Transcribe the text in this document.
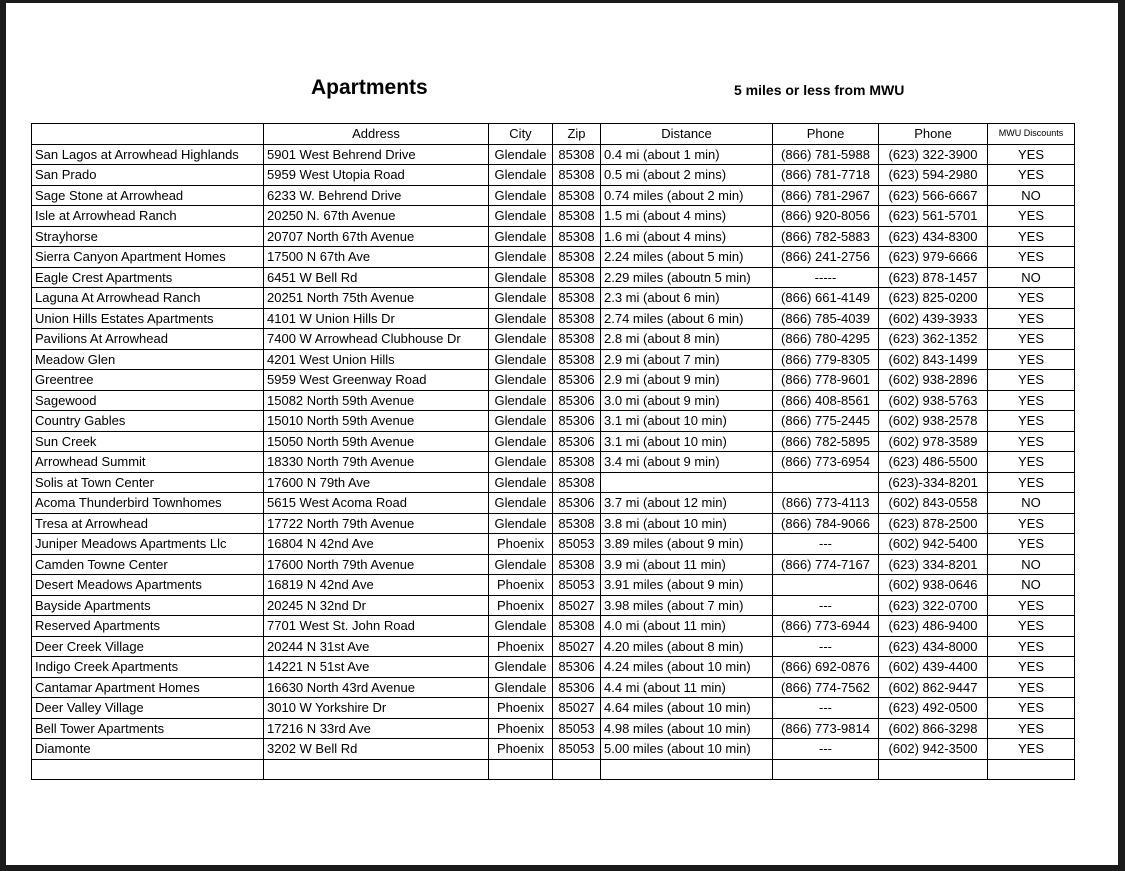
Apartments	5 miles or less from MWU
	Address	City	Zip	Distance	Phone	Phone	MWU Discounts
San Lagos at Arrowhead Highlands	5901 West Behrend Drive	Glendale	85308	0.4 mi (about 1 min)	(866) 781-5988	(623) 322-3900	YES
San Prado	5959 West Utopia Road	Glendale	85308	0.5 mi (about 2 mins)	(866) 781-7718	(623) 594-2980	YES
Sage Stone at Arrowhead	6233 W. Behrend Drive	Glendale	85308	0.74 miles (about 2 min)	(866) 781-2967	(623) 566-6667	NO
Isle at Arrowhead Ranch	20250 N. 67th Avenue	Glendale	85308	1.5 mi (about 4 mins)	(866) 920-8056	(623) 561-5701	YES
Strayhorse	20707 North 67th Avenue	Glendale	85308	1.6 mi (about 4 mins)	(866) 782-5883	(623) 434-8300	YES
Sierra Canyon Apartment Homes	17500 N 67th Ave	Glendale	85308	2.24 miles (about 5 min)	(866) 241-2756	(623) 979-6666	YES
Eagle Crest Apartments	6451 W Bell Rd	Glendale	85308	2.29 miles (aboutn 5 min)	-----	(623) 878-1457	NO
Laguna At Arrowhead Ranch	20251 North 75th Avenue	Glendale	85308	2.3 mi (about 6 min)	(866) 661-4149	(623) 825-0200	YES
Union Hills Estates Apartments	4101 W Union Hills Dr	Glendale	85308	2.74 miles (about 6 min)	(866) 785-4039	(602) 439-3933	YES
Pavilions At Arrowhead	7400 W Arrowhead Clubhouse Dr	Glendale	85308	2.8 mi (about 8 min)	(866) 780-4295	(623) 362-1352	YES
Meadow Glen	4201 West Union Hills	Glendale	85308	2.9 mi (about 7 min)	(866) 779-8305	(602) 843-1499	YES
Greentree	5959 West Greenway Road	Glendale	85306	2.9 mi (about 9 min)	(866) 778-9601	(602) 938-2896	YES
Sagewood	15082 North 59th Avenue	Glendale	85306	3.0 mi (about 9 min)	(866) 408-8561	(602) 938-5763	YES
Country Gables	15010 North 59th Avenue	Glendale	85306	3.1 mi (about 10 min)	(866) 775-2445	(602) 938-2578	YES
Sun Creek	15050 North 59th Avenue	Glendale	85306	3.1 mi (about 10 min)	(866) 782-5895	(602) 978-3589	YES
Arrowhead Summit	18330 North 79th Avenue	Glendale	85308	3.4 mi (about 9 min)	(866) 773-6954	(623) 486-5500	YES
Solis at Town Center	17600 N 79th Ave	Glendale	85308			(623)-334-8201	YES
Acoma Thunderbird Townhomes	5615 West Acoma Road	Glendale	85306	3.7 mi (about 12 min)	(866) 773-4113	(602) 843-0558	NO
Tresa at Arrowhead	17722 North 79th Avenue	Glendale	85308	3.8 mi (about 10 min)	(866) 784-9066	(623) 878-2500	YES
Juniper Meadows Apartments Llc	16804 N 42nd Ave	Phoenix	85053	3.89 miles (about 9 min)	---	(602) 942-5400	YES
Camden Towne Center	17600 North 79th Avenue	Glendale	85308	3.9 mi (about 11 min)	(866) 774-7167	(623) 334-8201	NO
Desert Meadows Apartments	16819 N 42nd Ave	Phoenix	85053	3.91 miles (about 9 min)		(602) 938-0646	NO
Bayside Apartments	20245 N 32nd Dr	Phoenix	85027	3.98 miles (about 7 min)	---	(623) 322-0700	YES
Reserved Apartments	7701 West St. John Road	Glendale	85308	4.0 mi (about 11 min)	(866) 773-6944	(623) 486-9400	YES
Deer Creek Village	20244 N 31st Ave	Phoenix	85027	4.20 miles (about 8 min)	---	(623) 434-8000	YES
Indigo Creek Apartments	14221 N 51st Ave	Glendale	85306	4.24 miles (about 10 min)	(866) 692-0876	(602) 439-4400	YES
Cantamar Apartment Homes	16630 North 43rd Avenue	Glendale	85306	4.4 mi (about 11 min)	(866) 774-7562	(602) 862-9447	YES
Deer Valley Village	3010 W Yorkshire Dr	Phoenix	85027	4.64 miles (about 10 min)	---	(623) 492-0500	YES
Bell Tower Apartments	17216 N 33rd Ave	Phoenix	85053	4.98 miles (about 10 min)	(866) 773-9814	(602) 866-3298	YES
Diamonte	3202 W Bell Rd	Phoenix	85053	5.00 miles (about 10 min)	---	(602) 942-3500	YES
